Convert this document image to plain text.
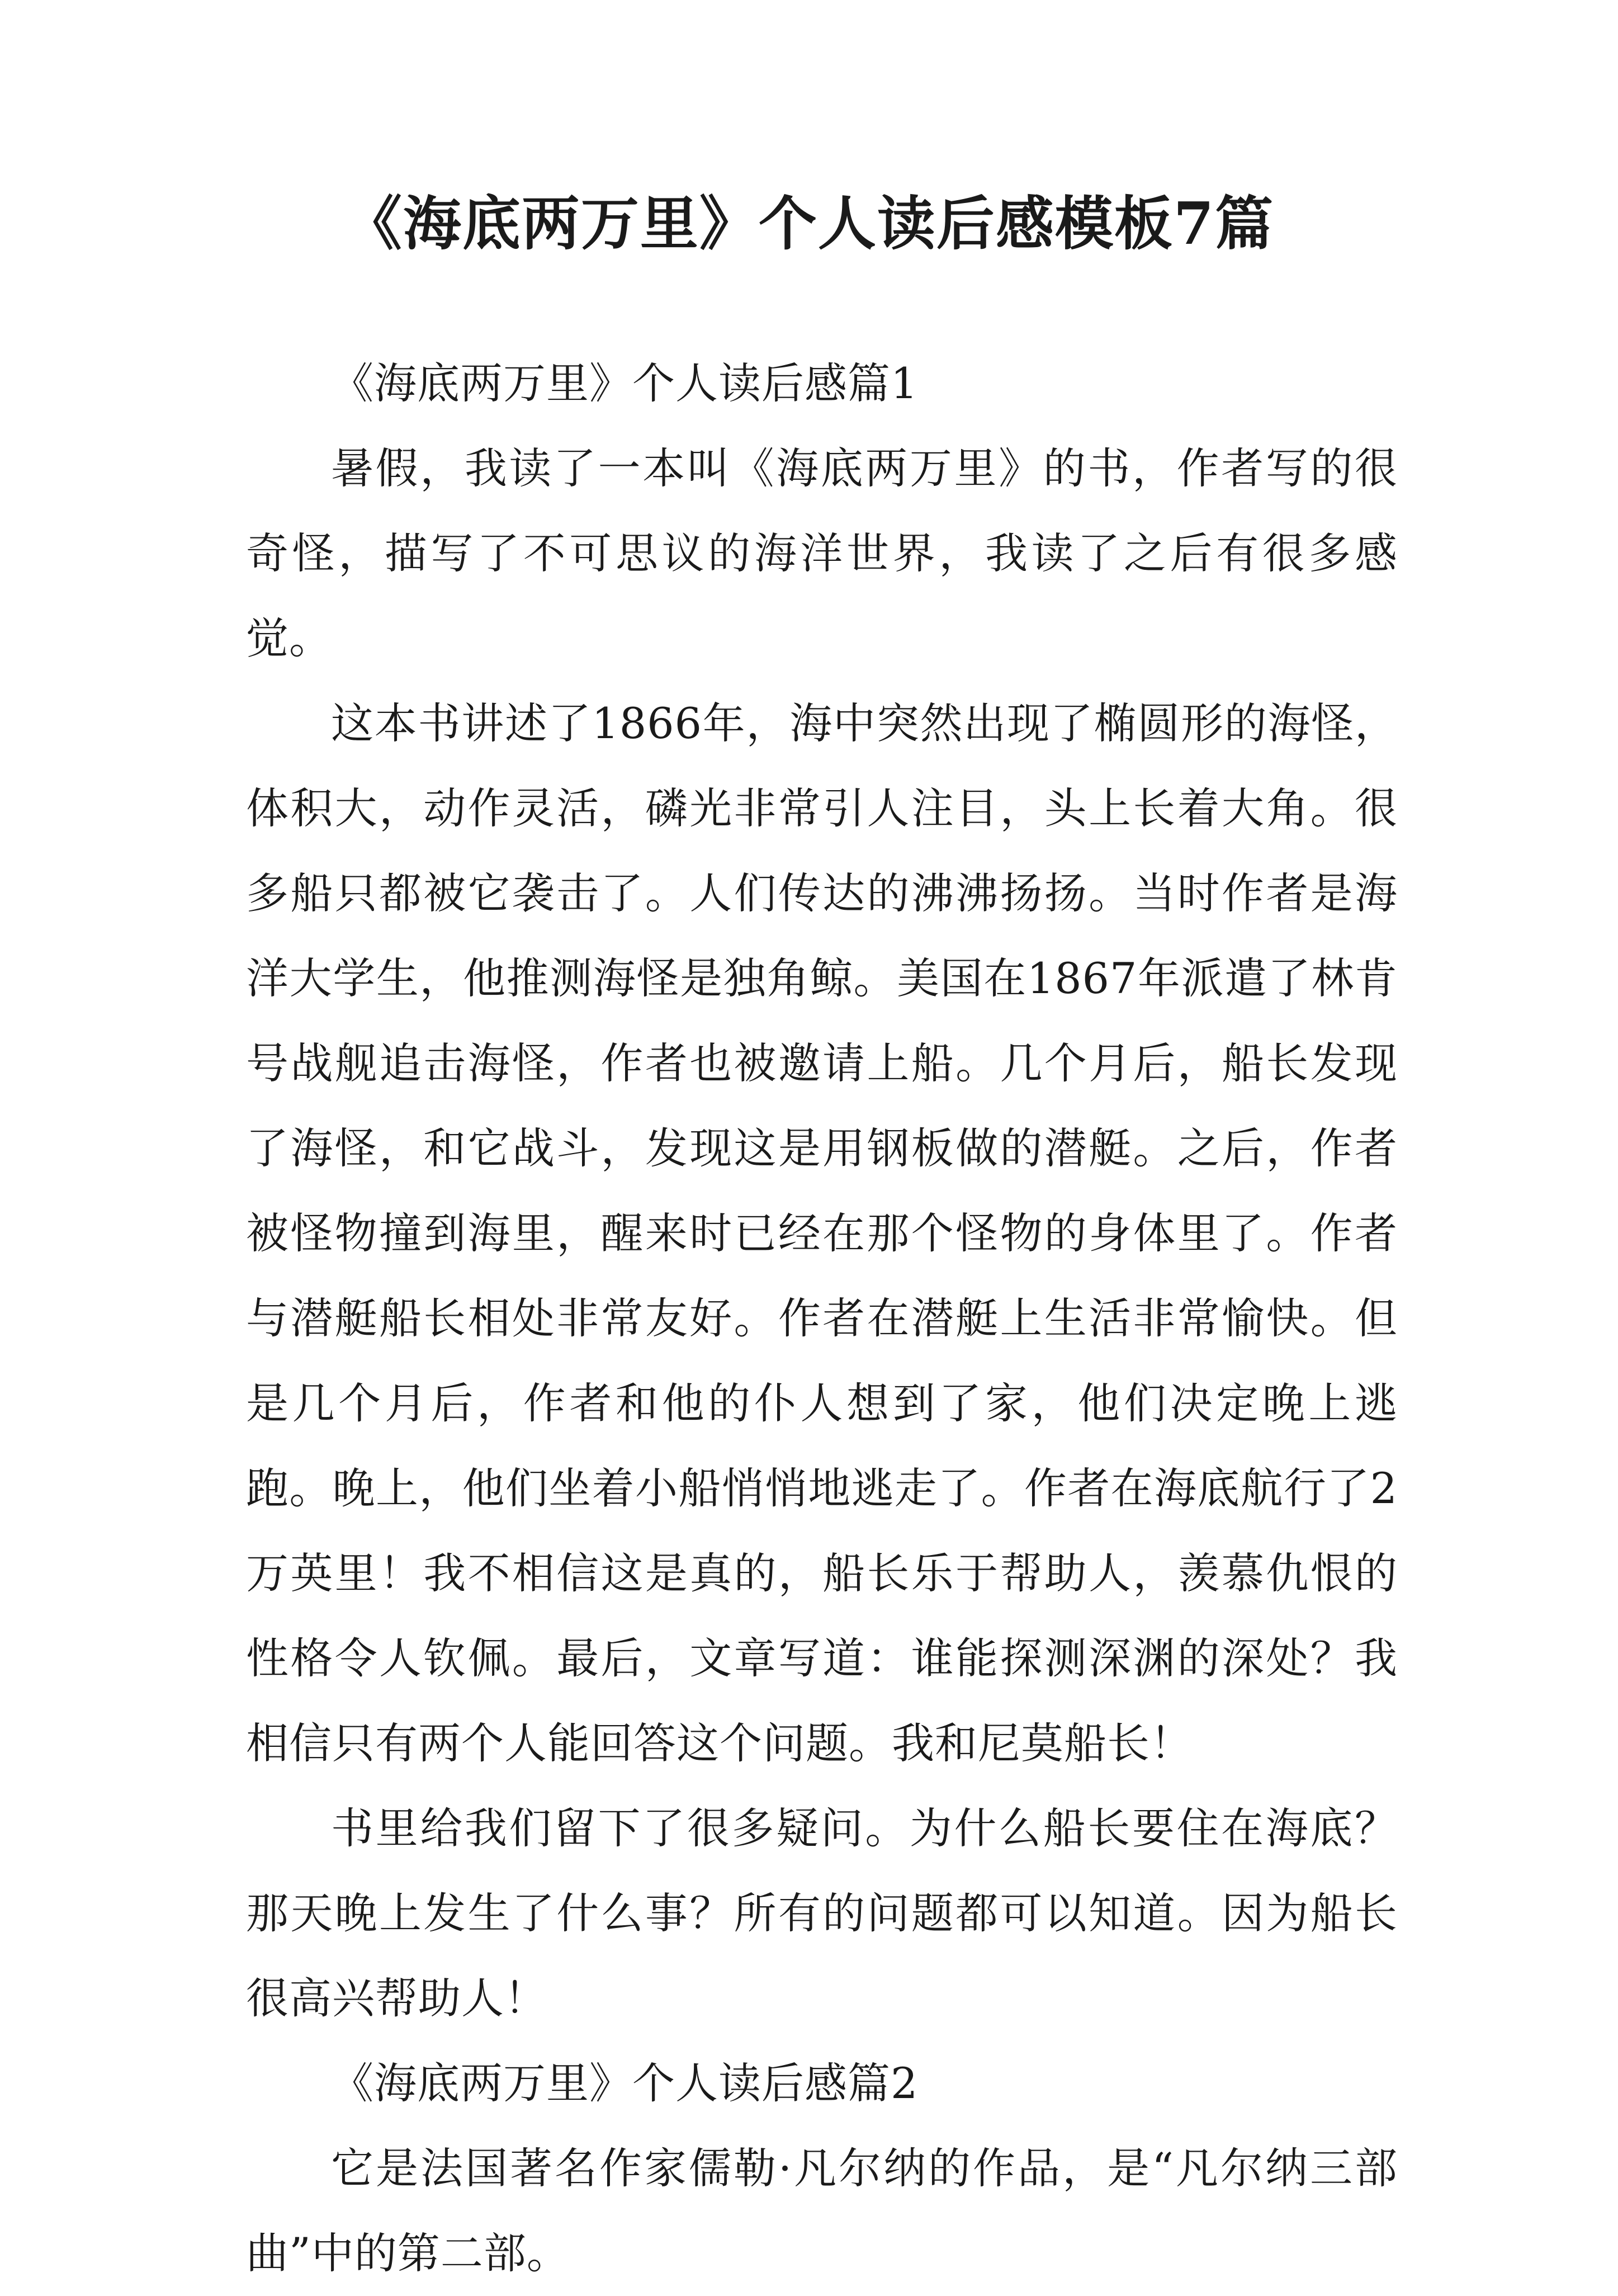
《海底两万里》个人读后感模板7篇

《海底两万里》个人读后感篇1

暑假，我读了一本叫《海底两万里》的书，作者写的很奇怪，描写了不可思议的海洋世界，我读了之后有很多感觉。

这本书讲述了1866年，海中突然出现了椭圆形的海怪，体积大，动作灵活，磷光非常引人注目，头上长着大角。很多船只都被它袭击了。人们传达的沸沸扬扬。当时作者是海洋大学生，他推测海怪是独角鲸。美国在1867年派遣了林肯号战舰追击海怪，作者也被邀请上船。几个月后，船长发现了海怪，和它战斗，发现这是用钢板做的潜艇。之后，作者被怪物撞到海里，醒来时已经在那个怪物的身体里了。作者与潜艇船长相处非常友好。作者在潜艇上生活非常愉快。但是几个月后，作者和他的仆人想到了家，他们决定晚上逃跑。晚上，他们坐着小船悄悄地逃走了。作者在海底航行了2万英里！我不相信这是真的，船长乐于帮助人，羡慕仇恨的性格令人钦佩。最后，文章写道：谁能探测深渊的深处？我相信只有两个人能回答这个问题。我和尼莫船长！

书里给我们留下了很多疑问。为什么船长要住在海底？那天晚上发生了什么事？所有的问题都可以知道。因为船长很高兴帮助人！

《海底两万里》个人读后感篇2

它是法国著名作家儒勒·凡尔纳的作品，是“凡尔纳三部曲”中的第二部。
